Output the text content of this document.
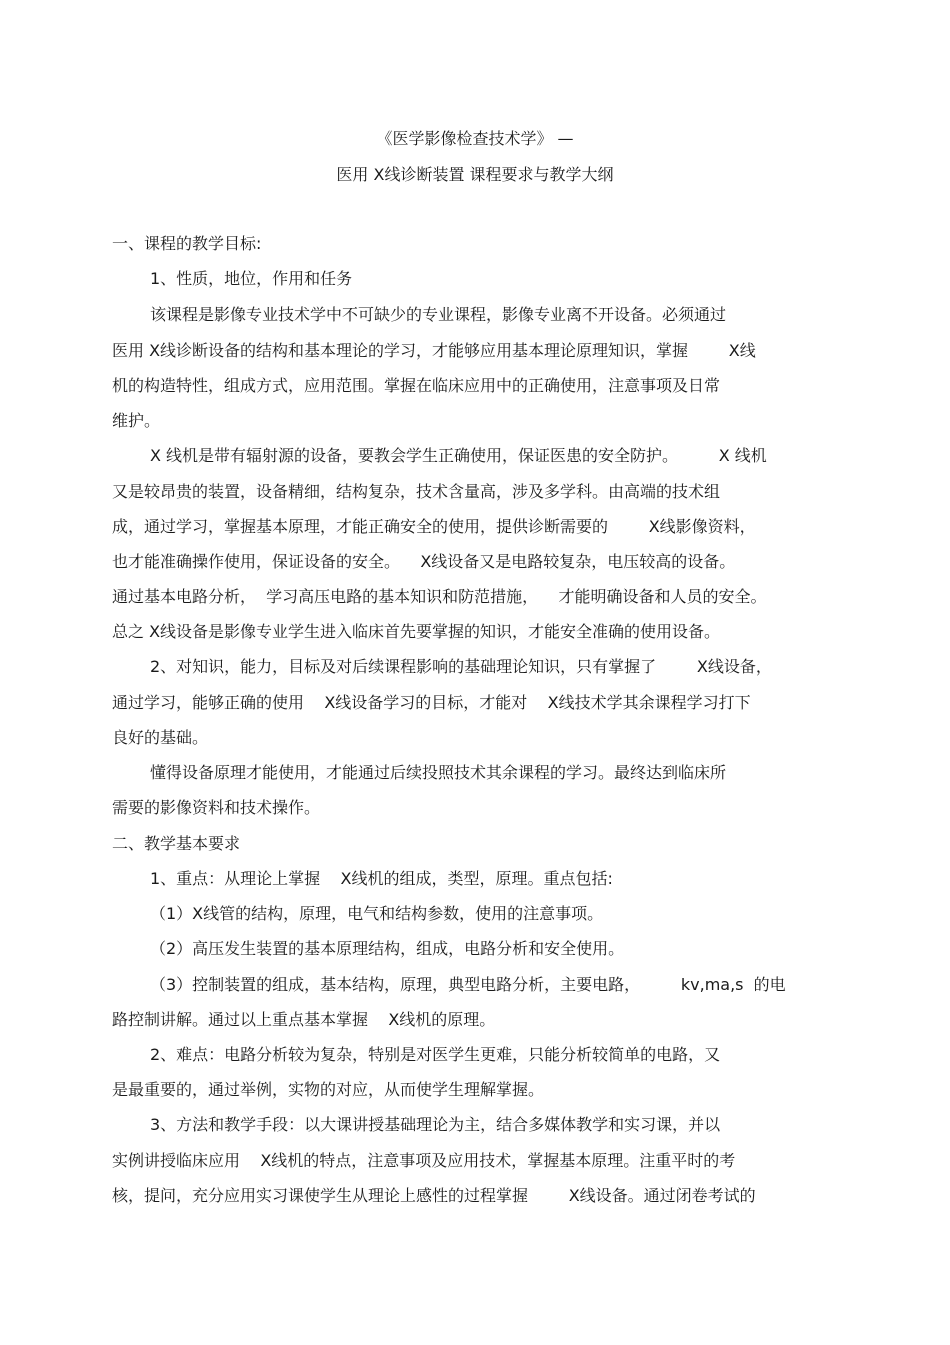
《医学影像检查技术学》 —
医用 X线诊断装置 课程要求与教学大纲
一、课程的教学目标:
1、性质，地位，作用和任务
该课程是影像专业技术学中不可缺少的专业课程，影像专业离不开设备。必须通过
医用 X线诊断设备的结构和基本理论的学习，才能够应用基本理论原理知识，掌握        X线
机的构造特性，组成方式，应用范围。掌握在临床应用中的正确使用，注意事项及日常
维护。
X 线机是带有辐射源的设备，要教会学生正确使用，保证医患的安全防护。        X 线机
又是较昂贵的装置，设备精细，结构复杂，技术含量高，涉及多学科。由高端的技术组
成，通过学习，掌握基本原理，才能正确安全的使用，提供诊断需要的        X线影像资料，
也才能准确操作使用，保证设备的安全。    X线设备又是电路较复杂，电压较高的设备。
通过基本电路分析，  学习高压电路的基本知识和防范措施，    才能明确设备和人员的安全。
总之 X线设备是影像专业学生进入临床首先要掌握的知识，才能安全准确的使用设备。
2、对知识，能力，目标及对后续课程影响的基础理论知识，只有掌握了        X线设备，
通过学习，能够正确的使用    X线设备学习的目标，才能对    X线技术学其余课程学习打下
良好的基础。
懂得设备原理才能使用，才能通过后续投照技术其余课程的学习。最终达到临床所
需要的影像资料和技术操作。
二、教学基本要求
1、重点：从理论上掌握    X线机的组成，类型，原理。重点包括:
（1）X线管的结构，原理，电气和结构参数，使用的注意事项。
（2）高压发生装置的基本原理结构，组成，电路分析和安全使用。
（3）控制装置的组成，基本结构，原理，典型电路分析，主要电路，        kv,ma,s  的电
路控制讲解。通过以上重点基本掌握    X线机的原理。
2、难点：电路分析较为复杂，特别是对医学生更难，只能分析较简单的电路，又
是最重要的，通过举例，实物的对应，从而使学生理解掌握。
3、方法和教学手段：以大课讲授基础理论为主，结合多媒体教学和实习课，并以
实例讲授临床应用    X线机的特点，注意事项及应用技术，掌握基本原理。注重平时的考
核，提问，充分应用实习课使学生从理论上感性的过程掌握        X线设备。通过闭卷考试的
